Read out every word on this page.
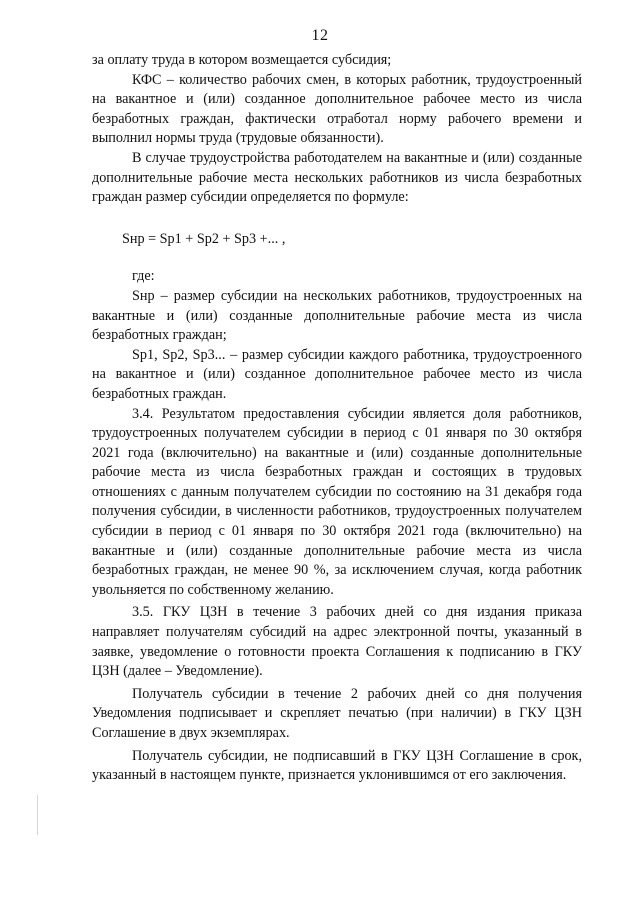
12

за оплату труда в котором возмещается субсидия;

КФС – количество рабочих смен, в которых работник, трудоустроенный на вакантное и (или) созданное дополнительное рабочее место из числа безработных граждан, фактически отработал норму рабочего времени и выполнил нормы труда (трудовые обязанности).

В случае трудоустройства работодателем на вакантные и (или) созданные дополнительные рабочие места нескольких работников из числа безработных граждан размер субсидии определяется по формуле:

Sнр = Sp1 + Sp2 + Sp3 +... ,

где:

Sнр – размер субсидии на нескольких работников, трудоустроенных на вакантные и (или) созданные дополнительные рабочие места из числа безработных граждан;

Sp1, Sp2, Sp3... – размер субсидии каждого работника, трудоустроенного на вакантное и (или) созданное дополнительное рабочее место из числа безработных граждан.

3.4. Результатом предоставления субсидии является доля работников, трудоустроенных получателем субсидии в период с 01 января по 30 октября 2021 года (включительно) на вакантные и (или) созданные дополнительные рабочие места из числа безработных граждан и состоящих в трудовых отношениях с данным получателем субсидии по состоянию на 31 декабря года получения субсидии, в численности работников, трудоустроенных получателем субсидии в период с 01 января по 30 октября 2021 года (включительно) на вакантные и (или) созданные дополнительные рабочие места из числа безработных граждан, не менее 90 %, за исключением случая, когда работник увольняется по собственному желанию.

3.5. ГКУ ЦЗН в течение 3 рабочих дней со дня издания приказа направляет получателям субсидий на адрес электронной почты, указанный в заявке, уведомление о готовности проекта Соглашения к подписанию в ГКУ ЦЗН (далее – Уведомление).

Получатель субсидии в течение 2 рабочих дней со дня получения Уведомления подписывает и скрепляет печатью (при наличии) в ГКУ ЦЗН Соглашение в двух экземплярах.

Получатель субсидии, не подписавший в ГКУ ЦЗН Соглашение в срок, указанный в настоящем пункте, признается уклонившимся от его заключения.
